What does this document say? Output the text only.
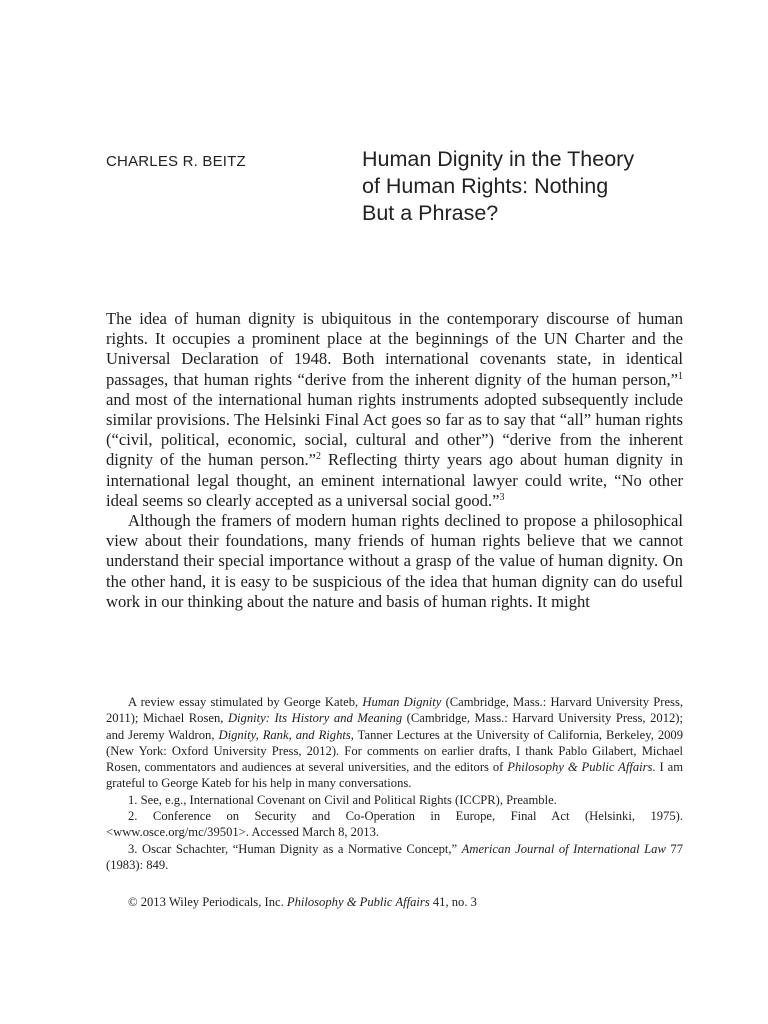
CHARLES R. BEITZ	Human Dignity in the Theory
of Human Rights: Nothing
But a Phrase?

The idea of human dignity is ubiquitous in the contemporary discourse of human rights. It occupies a prominent place at the beginnings of the UN Charter and the Universal Declaration of 1948. Both international covenants state, in identical passages, that human rights “derive from the inherent dignity of the human person,”$^1$ and most of the international human rights instruments adopted subsequently include similar provisions. The Helsinki Final Act goes so far as to say that “all” human rights (“civil, political, economic, social, cultural and other”) “derive from the inherent dignity of the human person.”$^2$ Reflecting thirty years ago about human dignity in international legal thought, an eminent international lawyer could write, “No other ideal seems so clearly accepted as a universal social good.”$^3$

Although the framers of modern human rights declined to propose a philosophical view about their foundations, many friends of human rights believe that we cannot understand their special importance without a grasp of the value of human dignity. On the other hand, it is easy to be suspicious of the idea that human dignity can do useful work in our thinking about the nature and basis of human rights. It might

A review essay stimulated by George Kateb, Human Dignity (Cambridge, Mass.: Harvard University Press, 2011); Michael Rosen, Dignity: Its History and Meaning (Cambridge, Mass.: Harvard University Press, 2012); and Jeremy Waldron, Dignity, Rank, and Rights, Tanner Lectures at the University of California, Berkeley, 2009 (New York: Oxford University Press, 2012). For comments on earlier drafts, I thank Pablo Gilabert, Michael Rosen, commentators and audiences at several universities, and the editors of Philosophy & Public Affairs. I am grateful to George Kateb for his help in many conversations.

1. See, e.g., International Covenant on Civil and Political Rights (ICCPR), Preamble.

2. Conference on Security and Co-Operation in Europe, Final Act (Helsinki, 1975). <www.osce.org/mc/39501>. Accessed March 8, 2013.

3. Oscar Schachter, “Human Dignity as a Normative Concept,” American Journal of International Law 77 (1983): 849.

© 2013 Wiley Periodicals, Inc. Philosophy & Public Affairs 41, no. 3
